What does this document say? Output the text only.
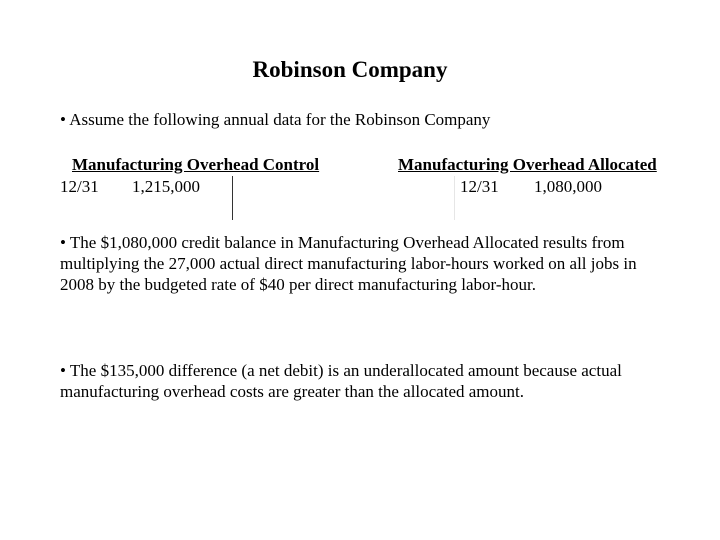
Robinson Company
• Assume the following annual data for the Robinson Company
Manufacturing Overhead Control
12/31 1,215,000
Manufacturing Overhead Allocated
12/31 1,080,000
• The $1,080,000 credit balance in Manufacturing Overhead Allocated results from multiplying the 27,000 actual direct manufacturing labor-hours worked on all jobs in 2008 by the budgeted rate of $40 per direct manufacturing labor-hour.
• The $135,000 difference (a net debit) is an underallocated amount because actual manufacturing overhead costs are greater than the allocated amount.
